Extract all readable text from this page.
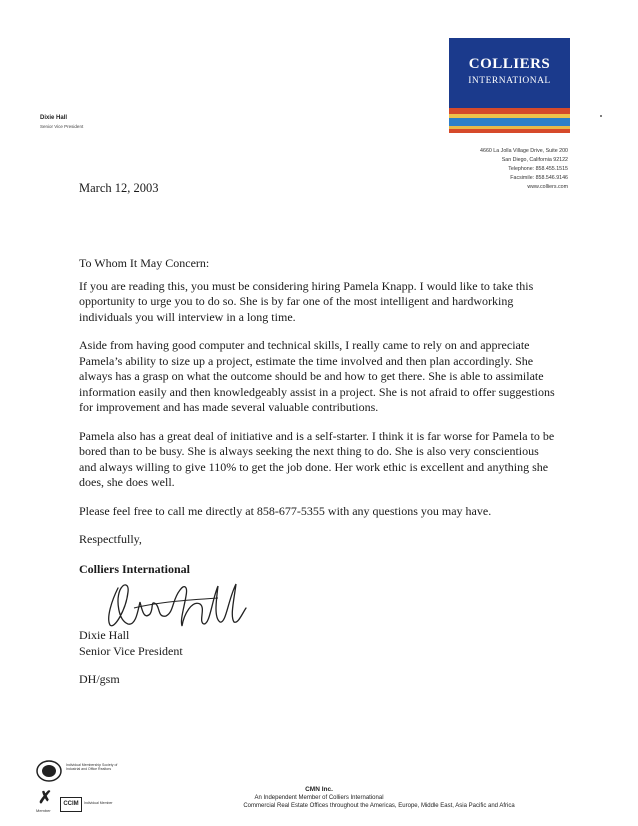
Dixie Hall
Senior Vice President
COLLIERS
INTERNATIONAL
4660 La Jolla Village Drive, Suite 200
San Diego, California 92122
Telephone: 858.455.1515
Facsimile: 858.546.9146
www.colliers.com
March 12, 2003

To Whom It May Concern:

If you are reading this, you must be considering hiring Pamela Knapp. I would like to take this opportunity to urge you to do so. She is by far one of the most intelligent and hardworking individuals you will interview in a long time.

Aside from having good computer and technical skills, I really came to rely on and appreciate Pamela’s ability to size up a project, estimate the time involved and then plan accordingly. She always has a grasp on what the outcome should be and how to get there. She is able to assimilate information easily and then knowledgeably assist in a project. She is not afraid to offer suggestions for improvement and has made several valuable contributions.

Pamela also has a great deal of initiative and is a self-starter. I think it is far worse for Pamela to be bored than to be busy. She is always seeking the next thing to do. She is also very conscientious and always willing to give 110% to get the job done. Her work ethic is excellent and anything she does, she does well.

Please feel free to call me directly at 858-677-5355 with any questions you may have.

Respectfully,

Colliers International

Dixie Hall
Senior Vice President
DH/gsm
Individual Membership Society of Industrial and Office Realtors
✗	CCIM	Individual Member
Member
CMN Inc.
An Independent Member of Colliers International
Commercial Real Estate Offices throughout the Americas, Europe, Middle East, Asia Pacific and Africa
